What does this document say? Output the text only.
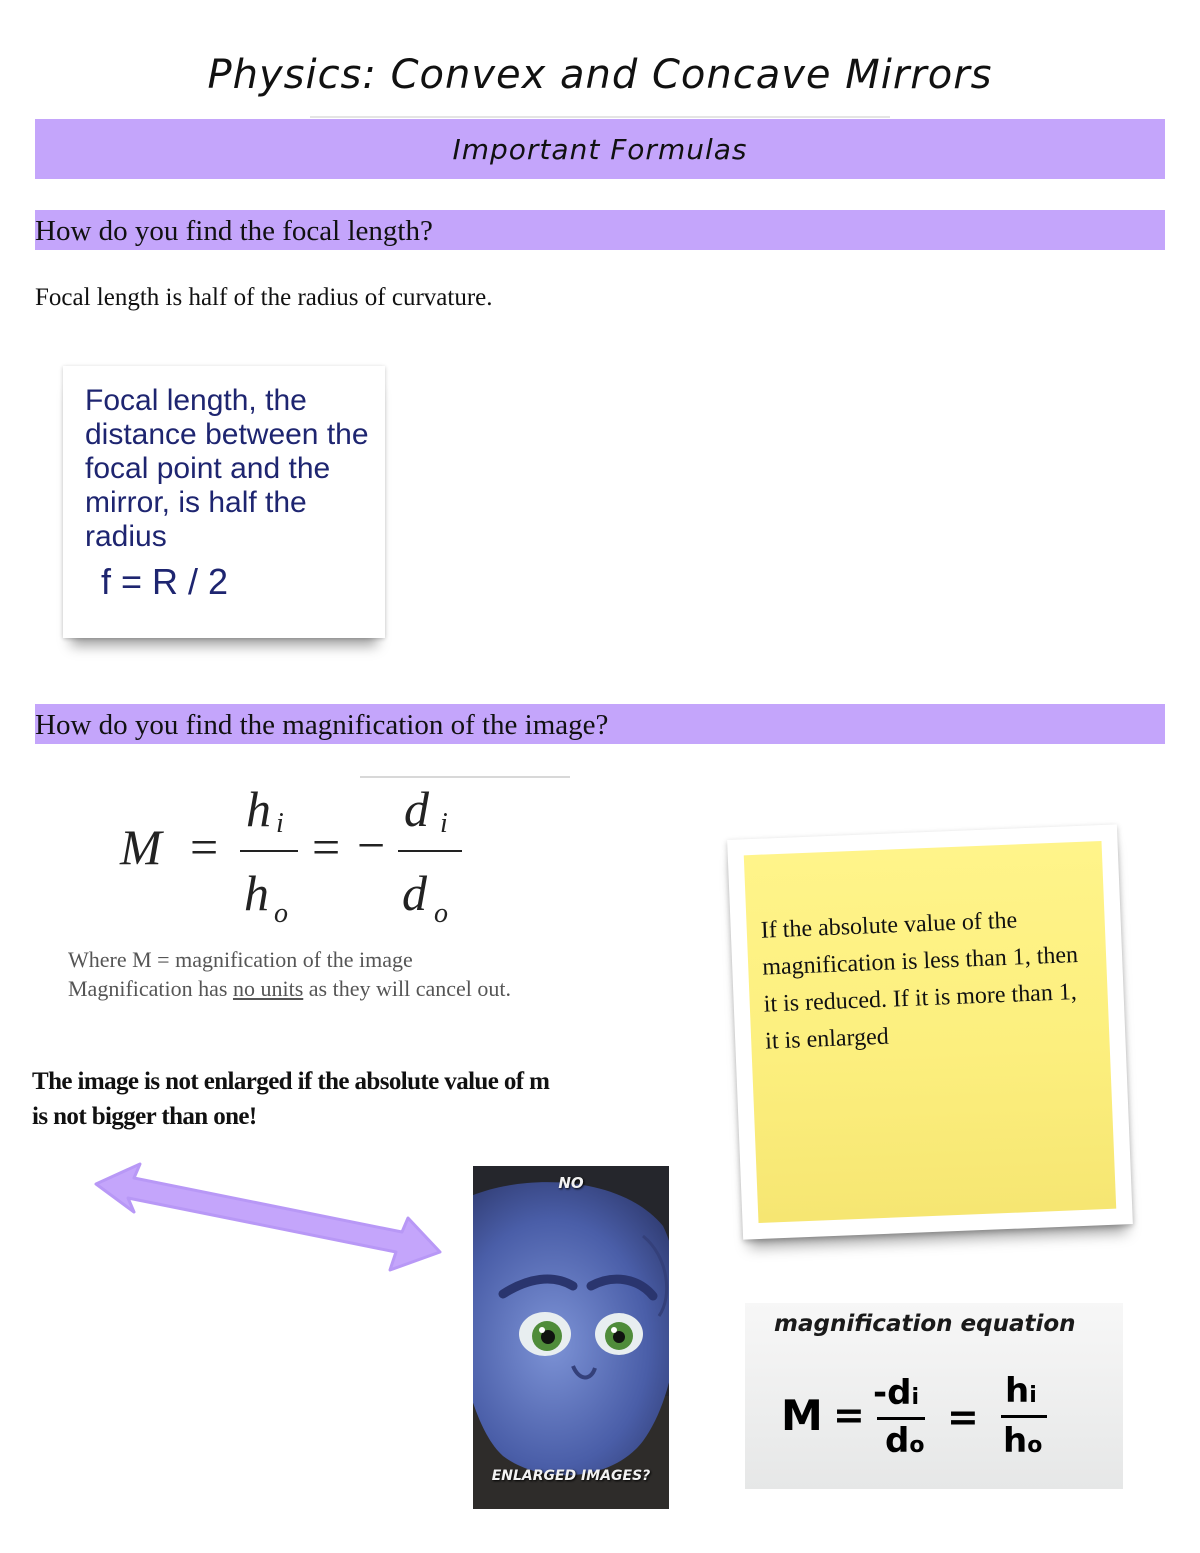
Physics: Convex and Concave Mirrors
Important Formulas
How do you find the focal length?
Focal length is half of the radius of curvature.
Focal length, the distance between the focal point and the mirror, is half the radius
f = R / 2
How do you find the magnification of the image?
M =
h i
h o
= −
d i
d o
Where M = magnification of the image
Magnification has no units as they will cancel out.
The image is not enlarged if the absolute value of m is not bigger than one!
If the absolute value of the magnification is less than 1, then it is reduced. If it is more than 1, it is enlarged
NO
ENLARGED IMAGES?
magnification equation
M = -di
do
=
hi
ho
